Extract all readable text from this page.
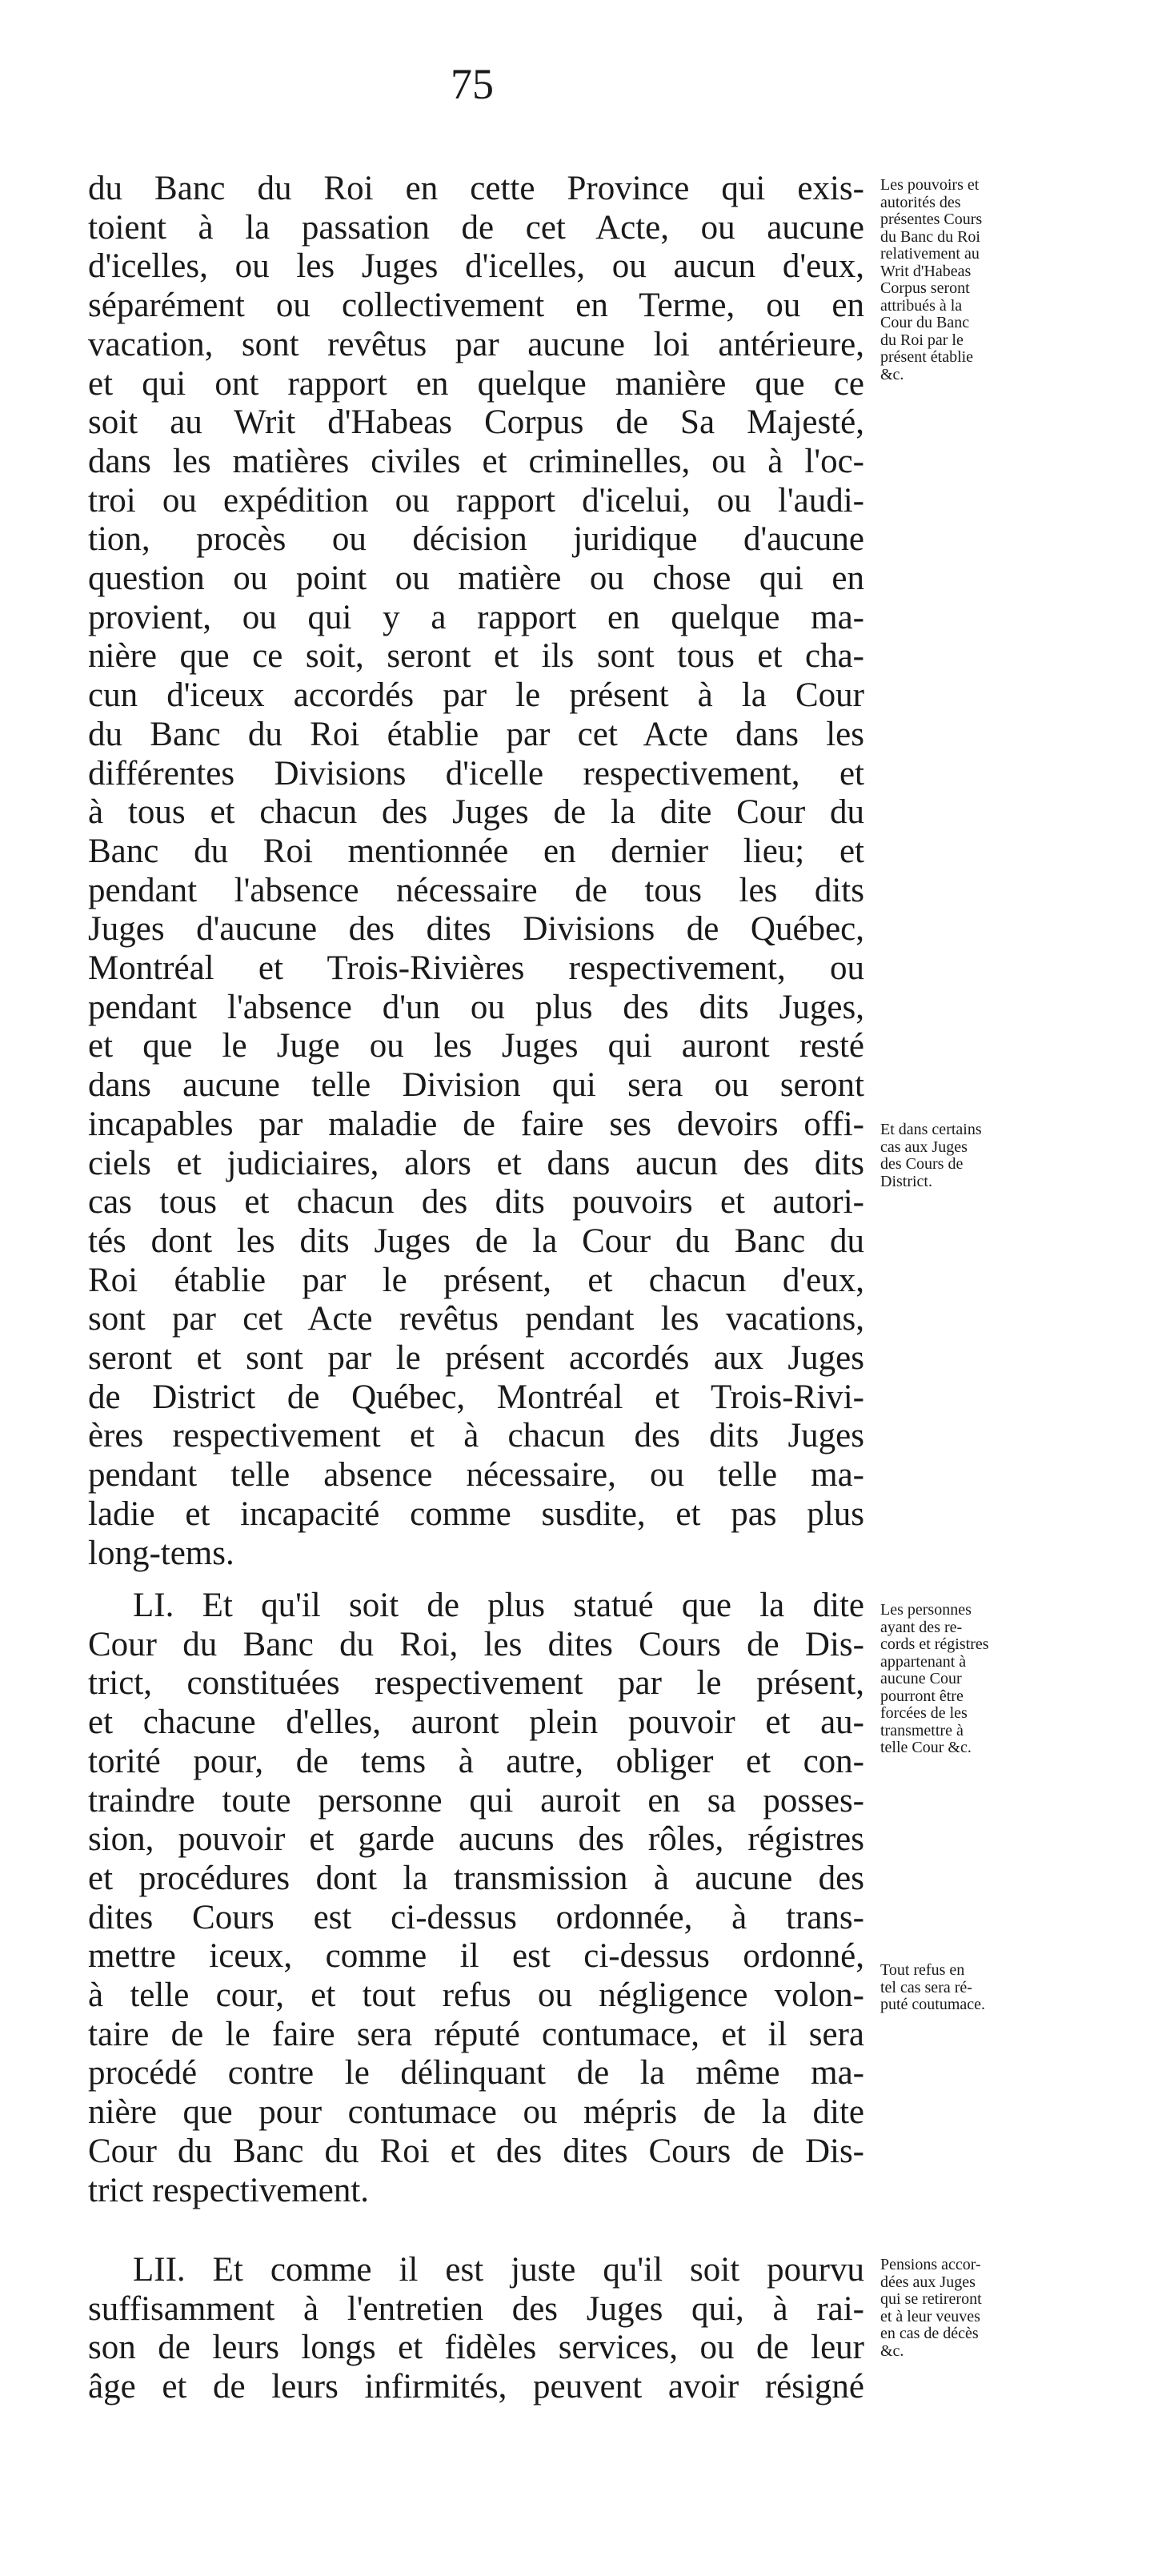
75
du Banc du Roi en cette Province qui exis-
toient à la passation de cet Acte, ou aucune
d'icelles, ou les Juges d'icelles, ou aucun d'eux,
séparément ou collectivement en Terme, ou en
vacation, sont revêtus par aucune loi antérieure,
et qui ont rapport en quelque manière que ce
soit au Writ d'Habeas Corpus de Sa Majesté,
dans les matières civiles et criminelles, ou à l'oc-
troi ou expédition ou rapport d'icelui, ou l'audi-
tion, procès ou décision juridique d'aucune
question ou point ou matière ou chose qui en
provient, ou qui y a rapport en quelque ma-
nière que ce soit, seront et ils sont tous et cha-
cun d'iceux accordés par le présent à la Cour
du Banc du Roi établie par cet Acte dans les
différentes Divisions d'icelle respectivement, et
à tous et chacun des Juges de la dite Cour du
Banc du Roi mentionnée en dernier lieu; et
pendant l'absence nécessaire de tous les dits
Juges d'aucune des dites Divisions de Québec,
Montréal et Trois-Rivières respectivement, ou
pendant l'absence d'un ou plus des dits Juges,
et que le Juge ou les Juges qui auront resté
dans aucune telle Division qui sera ou seront
incapables par maladie de faire ses devoirs offi-
ciels et judiciaires, alors et dans aucun des dits
cas tous et chacun des dits pouvoirs et autori-
tés dont les dits Juges de la Cour du Banc du
Roi établie par le présent, et chacun d'eux,
sont par cet Acte revêtus pendant les vacations,
seront et sont par le présent accordés aux Juges
de District de Québec, Montréal et Trois-Rivi-
ères respectivement et à chacun des dits Juges
pendant telle absence nécessaire, ou telle ma-
ladie et incapacité comme susdite, et pas plus
long-tems.
LI. Et qu'il soit de plus statué que la dite
Cour du Banc du Roi, les dites Cours de Dis-
trict, constituées respectivement par le présent,
et chacune d'elles, auront plein pouvoir et au-
torité pour, de tems à autre, obliger et con-
traindre toute personne qui auroit en sa posses-
sion, pouvoir et garde aucuns des rôles, régistres
et procédures dont la transmission à aucune des
dites Cours est ci-dessus ordonnée, à trans-
mettre iceux, comme il est ci-dessus ordonné,
à telle cour, et tout refus ou négligence volon-
taire de le faire sera réputé contumace, et il sera
procédé contre le délinquant de la même ma-
nière que pour contumace ou mépris de la dite
Cour du Banc du Roi et des dites Cours de Dis-
trict respectivement.
LII. Et comme il est juste qu'il soit pourvu
suffisamment à l'entretien des Juges qui, à rai-
son de leurs longs et fidèles services, ou de leur
âge et de leurs infirmités, peuvent avoir résigné
Les pouvoirs et
autorités des
présentes Cours
du Banc du Roi
relativement au
Writ d'Habeas
Corpus seront
attribués à la
Cour du Banc
du Roi par le
présent établie
&c.
Et dans certains
cas aux Juges
des Cours de
District.
Les personnes
ayant des re-
cords et régistres
appartenant à
aucune Cour
pourront être
forcées de les
transmettre à
telle Cour &c.
Tout refus en
tel cas sera ré-
puté coutumace.
Pensions accor-
dées aux Juges
qui se retireront
et à leur veuves
en cas de décès
&c.
